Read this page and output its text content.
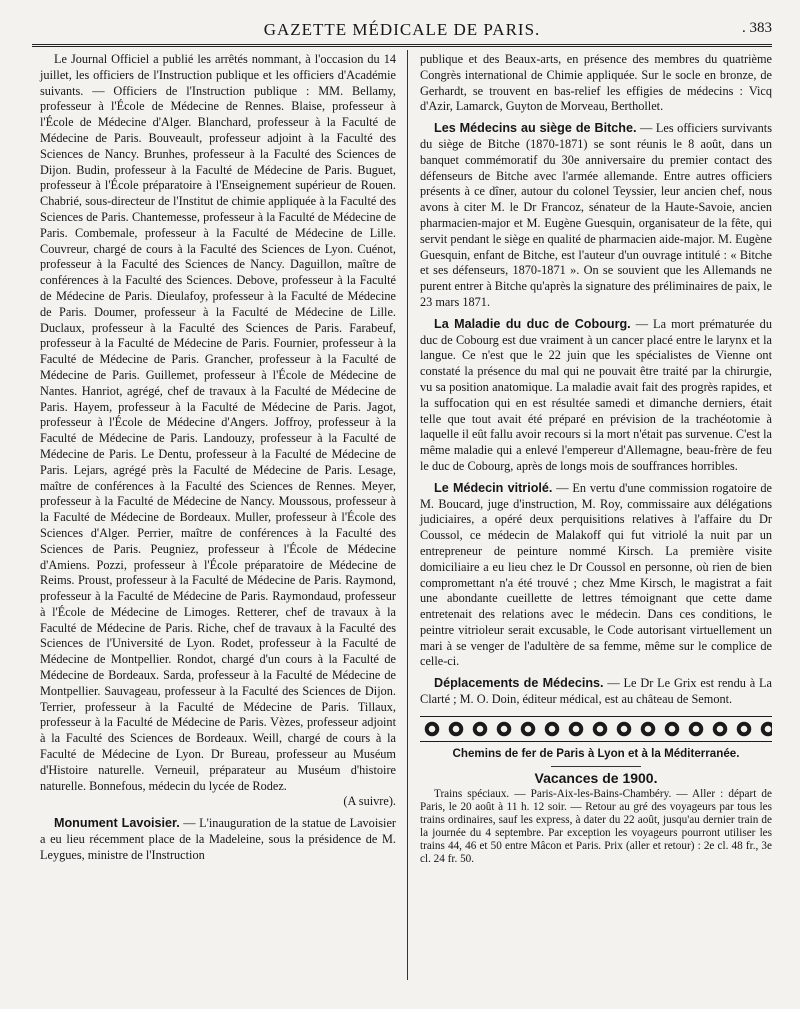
GAZETTE MÉDICALE DE PARIS.	. 383

Le Journal Officiel a publié les arrêtés nommant, à l'occasion du 14 juillet, les officiers de l'Instruction publique et les officiers d'Académie suivants. — Officiers de l'Instruction publique : MM. Bellamy, professeur à l'École de Médecine de Rennes. Blaise, professeur à l'École de Médecine d'Alger. Blanchard, professeur à la Faculté de Médecine de Paris. Bouveault, professeur adjoint à la Faculté des Sciences de Nancy. Brunhes, professeur à la Faculté des Sciences de Dijon. Budin, professeur à la Faculté de Médecine de Paris. Buguet, professeur à l'École préparatoire à l'Enseignement supérieur de Rouen. Chabrié, sous-directeur de l'Institut de chimie appliquée à la Faculté des Sciences de Paris. Chantemesse, professeur à la Faculté de Médecine de Paris. Combemale, professeur à la Faculté de Médecine de Lille. Couvreur, chargé de cours à la Faculté des Sciences de Lyon. Cuénot, professeur à la Faculté des Sciences de Nancy. Daguillon, maître de conférences à la Faculté des Sciences. Debove, professeur à la Faculté de Médecine de Paris. Dieulafoy, professeur à la Faculté de Médecine de Paris. Doumer, professeur à la Faculté de Médecine de Lille. Duclaux, professeur à la Faculté des Sciences de Paris. Farabeuf, professeur à la Faculté de Médecine de Paris. Fournier, professeur à la Faculté de Médecine de Paris. Grancher, professeur à la Faculté de Médecine de Paris. Guillemet, professeur à l'École de Médecine de Nantes. Hanriot, agrégé, chef de travaux à la Faculté de Médecine de Paris. Hayem, professeur à la Faculté de Médecine de Paris. Jagot, professeur à l'École de Médecine d'Angers. Joffroy, professeur à la Faculté de Médecine de Paris. Landouzy, professeur à la Faculté de Médecine de Paris. Le Dentu, professeur à la Faculté de Médecine de Paris. Lejars, agrégé près la Faculté de Médecine de Paris. Lesage, maître de conférences à la Faculté des Sciences de Rennes. Meyer, professeur à la Faculté de Médecine de Nancy. Moussous, professeur à la Faculté de Médecine de Bordeaux. Muller, professeur à l'École des Sciences d'Alger. Perrier, maître de conférences à la Faculté des Sciences de Paris. Peugniez, professeur à l'École de Médecine d'Amiens. Pozzi, professeur à l'École préparatoire de Médecine de Reims. Proust, professeur à la Faculté de Médecine de Paris. Raymond, professeur à la Faculté de Médecine de Paris. Raymondaud, professeur à l'École de Médecine de Limoges. Retterer, chef de travaux à la Faculté de Médecine de Paris. Riche, chef de travaux à la Faculté des Sciences de l'Université de Lyon. Rodet, professeur à la Faculté de Médecine de Montpellier. Rondot, chargé d'un cours à la Faculté de Médecine de Bordeaux. Sarda, professeur à la Faculté de Médecine de Montpellier. Sauvageau, professeur à la Faculté des Sciences de Dijon. Terrier, professeur à la Faculté de Médecine de Paris. Tillaux, professeur à la Faculté de Médecine de Paris. Vèzes, professeur adjoint à la Faculté des Sciences de Bordeaux. Weill, chargé de cours à la Faculté de Médecine de Lyon. Dr Bureau, professeur au Muséum d'Histoire naturelle. Verneuil, préparateur au Muséum d'histoire naturelle. Bonnefous, médecin du lycée de Rodez.

(A suivre).

Monument Lavoisier. — L'inauguration de la statue de Lavoisier a eu lieu récemment place de la Madeleine, sous la présidence de M. Leygues, ministre de l'Instruction

publique et des Beaux-arts, en présence des membres du quatrième Congrès international de Chimie appliquée. Sur le socle en bronze, de Gerhardt, se trouvent en bas-relief les effigies de médecins : Vicq d'Azir, Lamarck, Guyton de Morveau, Berthollet.

Les Médecins au siège de Bitche. — Les officiers survivants du siège de Bitche (1870-1871) se sont réunis le 8 août, dans un banquet commémoratif du 30e anniversaire du premier contact des défenseurs de Bitche avec l'armée allemande. Entre autres officiers présents à ce dîner, autour du colonel Teyssier, leur ancien chef, nous avons à citer M. le Dr Francoz, sénateur de la Haute-Savoie, ancien pharmacien-major et M. Eugène Guesquin, organisateur de la fête, qui servit pendant le siège en qualité de pharmacien aide-major. M. Eugène Guesquin, enfant de Bitche, est l'auteur d'un ouvrage intitulé : « Bitche et ses défenseurs, 1870-1871 ». On se souvient que les Allemands ne purent entrer à Bitche qu'après la signature des préliminaires de paix, le 23 mars 1871.

La Maladie du duc de Cobourg. — La mort prématurée du duc de Cobourg est due vraiment à un cancer placé entre le larynx et la langue. Ce n'est que le 22 juin que les spécialistes de Vienne ont constaté la présence du mal qui ne pouvait être traité par la chirurgie, vu sa position anatomique. La maladie avait fait des progrès rapides, et la suffocation qui en est résultée samedi et dimanche derniers, était telle que tout avait été préparé en prévision de la trachéotomie à laquelle il eût fallu avoir recours si la mort n'était pas survenue. C'est la même maladie qui a enlevé l'empereur d'Allemagne, beau-frère de feu le duc de Cobourg, après de longs mois de souffrances horribles.

Le Médecin vitriolé. — En vertu d'une commission rogatoire de M. Boucard, juge d'instruction, M. Roy, commissaire aux délégations judiciaires, a opéré deux perquisitions relatives à l'affaire du Dr Coussol, ce médecin de Malakoff qui fut vitriolé la nuit par un entrepreneur de peinture nommé Kirsch. La première visite domiciliaire a eu lieu chez le Dr Coussol en personne, où rien de bien compromettant n'a été trouvé ; chez Mme Kirsch, le magistrat a fait une abondante cueillette de lettres témoignant que cette dame entretenait des relations avec le médecin. Dans ces conditions, le peintre vitrioleur serait excusable, le Code autorisant virtuellement un mari à se venger de l'adultère de sa femme, même sur le complice de celle-ci.

Déplacements de Médecins. — Le Dr Le Grix est rendu à La Clarté ; M. O. Doin, éditeur médical, est au château de Semont.

Chemins de fer de Paris à Lyon et à la Méditerranée.

Vacances de 1900.

Trains spéciaux. — Paris-Aix-les-Bains-Chambéry. — Aller : départ de Paris, le 20 août à 11 h. 12 soir. — Retour au gré des voyageurs par tous les trains ordinaires, sauf les express, à dater du 22 août, jusqu'au dernier train de la journée du 4 septembre. Par exception les voyageurs pourront utiliser les trains 44, 46 et 50 entre Mâcon et Paris. Prix (aller et retour) : 2e cl. 48 fr., 3e cl. 24 fr. 50.
